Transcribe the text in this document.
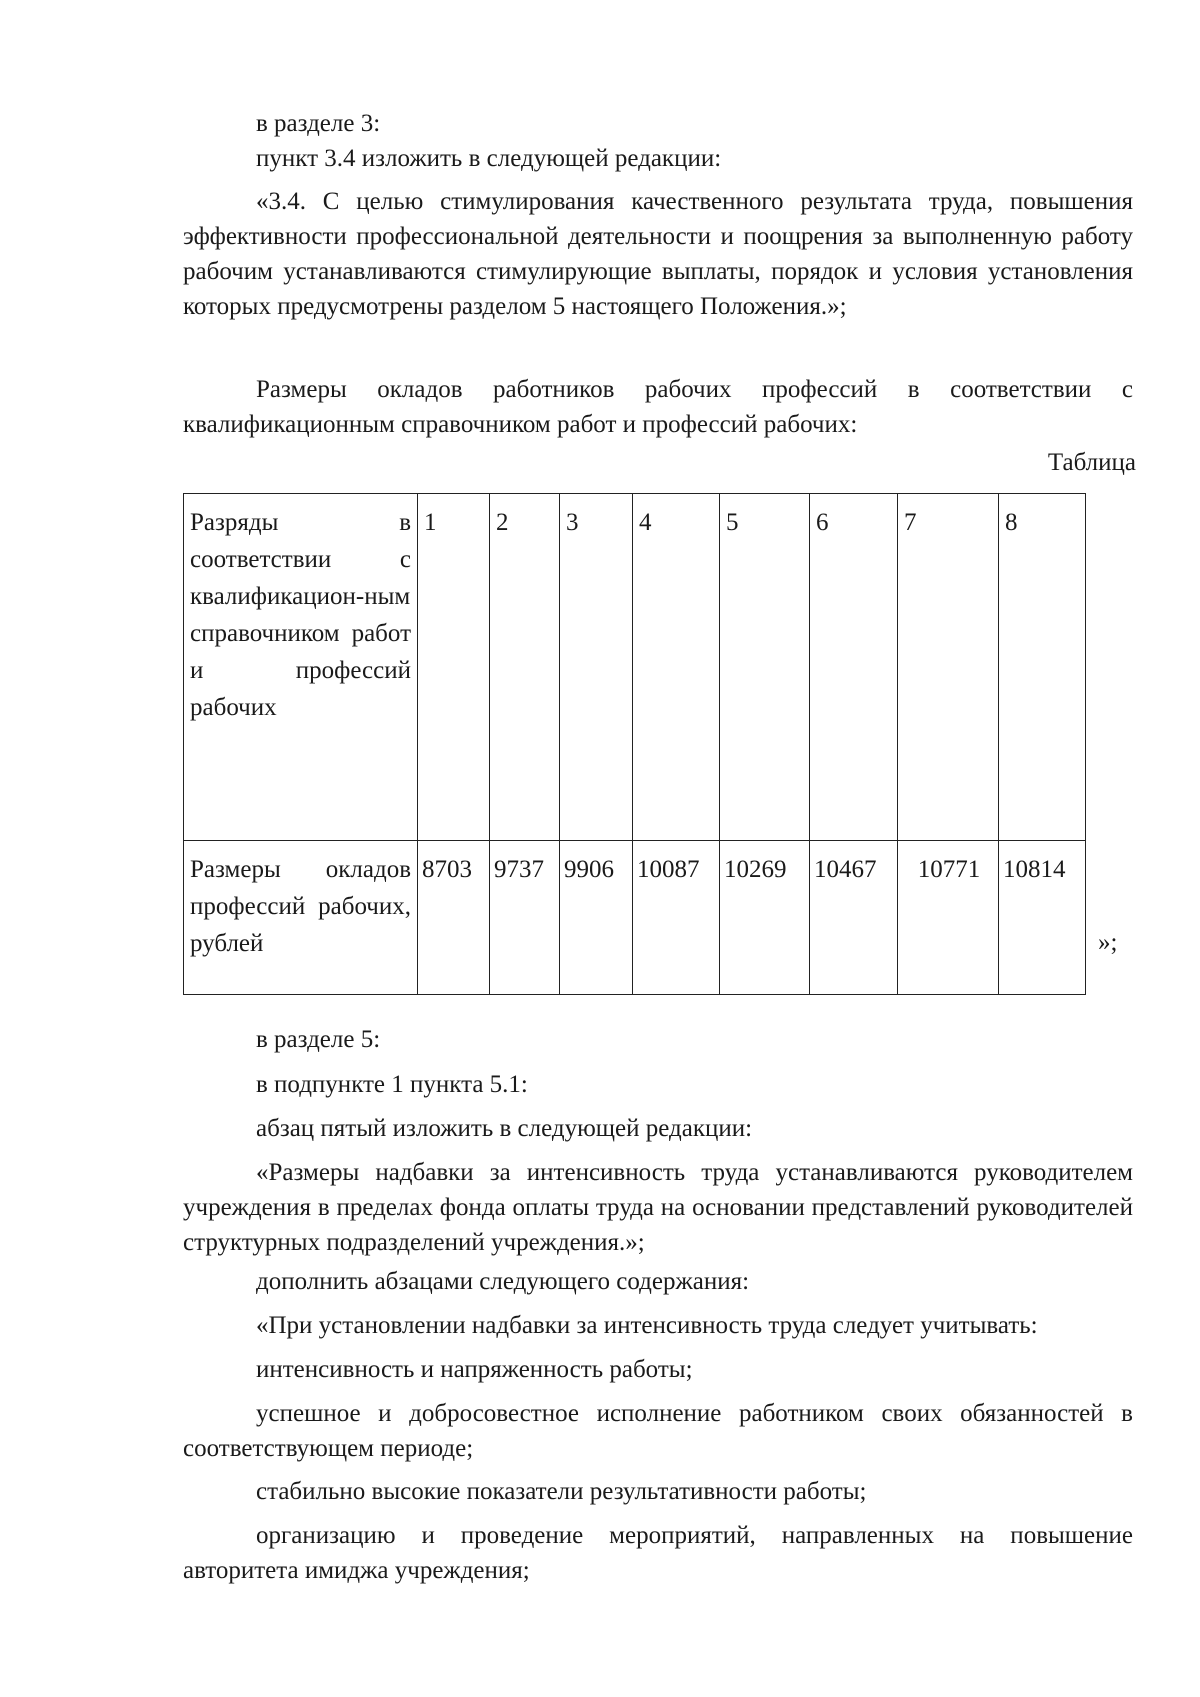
в разделе 3:

пункт 3.4 изложить в следующей редакции:

«3.4. С целью стимулирования качественного результата труда, повышения эффективности профессиональной деятельности и поощрения за выполненную работу рабочим устанавливаются стимулирующие выплаты, порядок и условия установления которых предусмотрены разделом 5 настоящего Положения.»;

Размеры окладов работников рабочих профессий в соответствии с квалификационным справочником работ и профессий рабочих:

Таблица

Разряды в соответствии с квалификацион-ным справочником работ и профессий рабочих	1	2	3	4	5	6	7	8
Размеры окладов профессий рабочих, рублей	8703	9737	9906	10087	10269	10467	10771	10814
»;

в разделе 5:

в подпункте 1 пункта 5.1:

абзац пятый изложить в следующей редакции:

«Размеры надбавки за интенсивность труда устанавливаются руководителем учреждения в пределах фонда оплаты труда на основании представлений руководителей структурных подразделений учреждения.»;

дополнить абзацами следующего содержания:

«При установлении надбавки за интенсивность труда следует учитывать:

интенсивность и напряженность работы;

успешное и добросовестное исполнение работником своих обязанностей в соответствующем периоде;

стабильно высокие показатели результативности работы;

организацию и проведение мероприятий, направленных на повышение авторитета имиджа учреждения;
